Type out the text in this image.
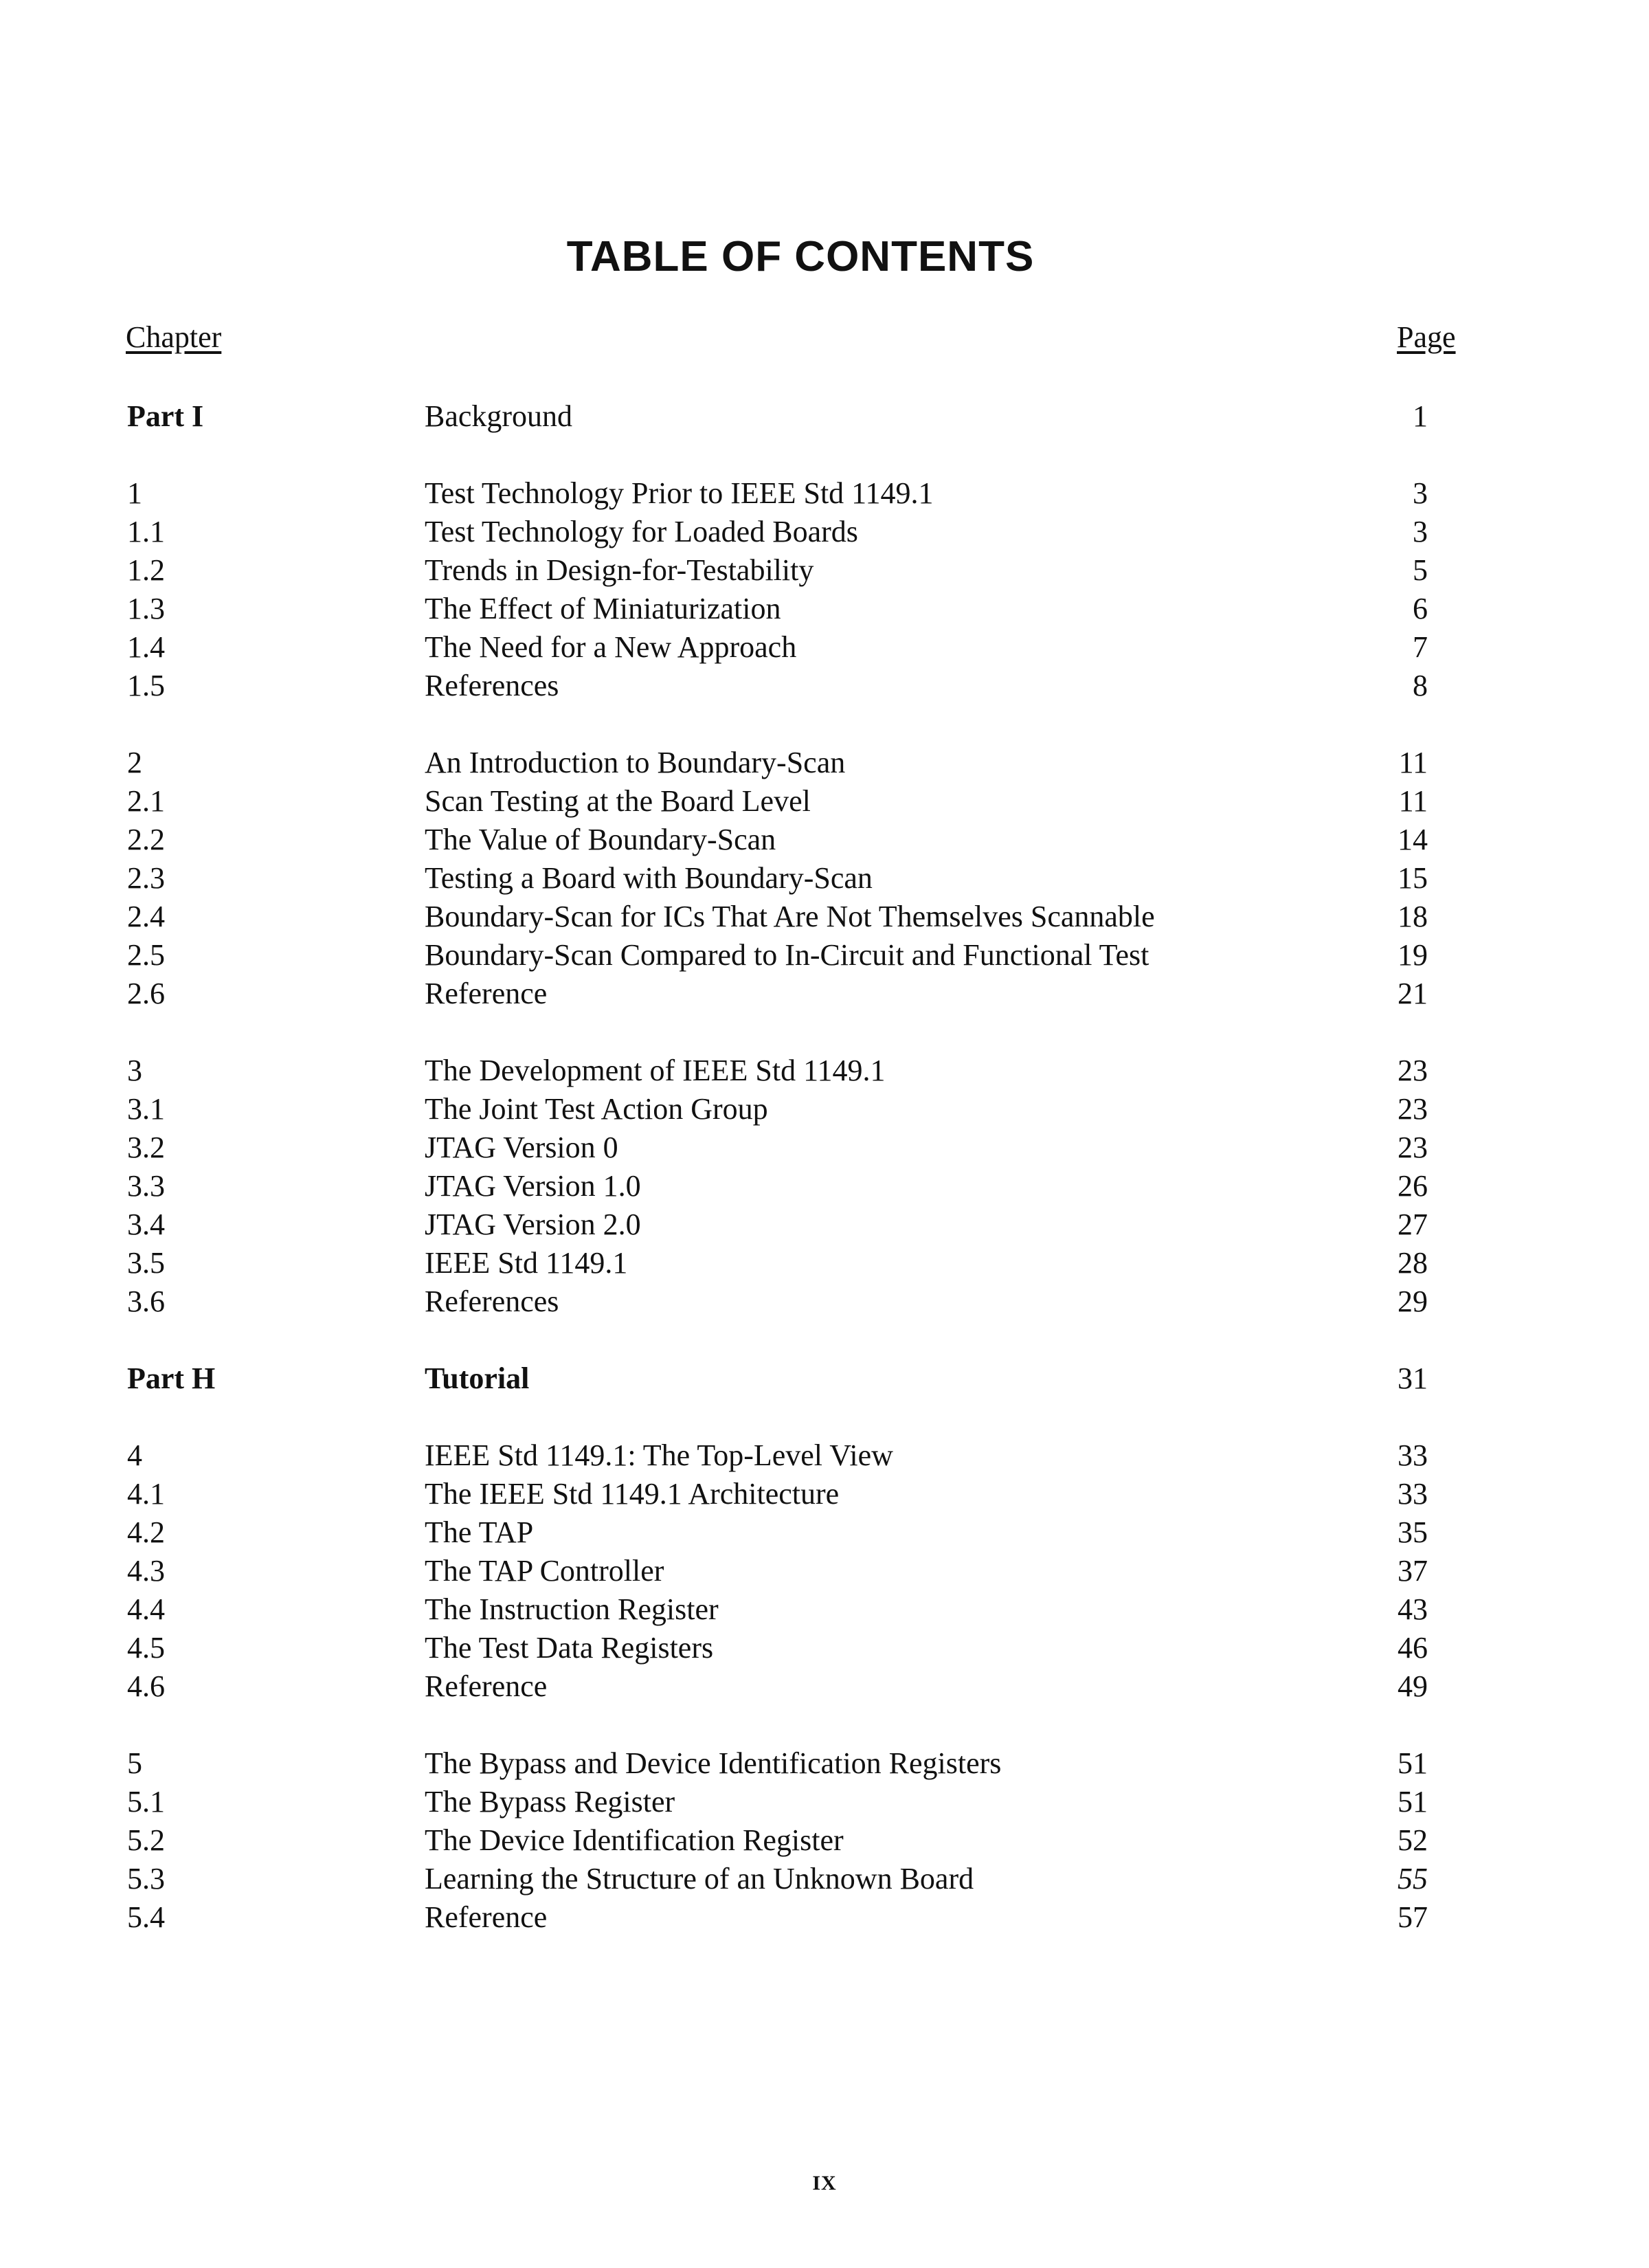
TABLE OF CONTENTS
Chapter	Page
Part I	Background	1
1	Test Technology Prior to IEEE Std 1149.1	3
1.1	Test Technology for Loaded Boards	3
1.2	Trends in Design-for-Testability	5
1.3	The Effect of Miniaturization	6
1.4	The Need for a New Approach	7
1.5	References	8
2	An Introduction to Boundary-Scan	11
2.1	Scan Testing at the Board Level	11
2.2	The Value of Boundary-Scan	14
2.3	Testing a Board with Boundary-Scan	15
2.4	Boundary-Scan for ICs That Are Not Themselves Scannable	18
2.5	Boundary-Scan Compared to In-Circuit and Functional Test	19
2.6	Reference	21
3	The Development of IEEE Std 1149.1	23
3.1	The Joint Test Action Group	23
3.2	JTAG Version 0	23
3.3	JTAG Version 1.0	26
3.4	JTAG Version 2.0	27
3.5	IEEE Std 1149.1	28
3.6	References	29
Part H	Tutorial	31
4	IEEE Std 1149.1: The Top-Level View	33
4.1	The IEEE Std 1149.1 Architecture	33
4.2	The TAP	35
4.3	The TAP Controller	37
4.4	The Instruction Register	43
4.5	The Test Data Registers	46
4.6	Reference	49
5	The Bypass and Device Identification Registers	51
5.1	The Bypass Register	51
5.2	The Device Identification Register	52
5.3	Learning the Structure of an Unknown Board	55
5.4	Reference	57
IX
